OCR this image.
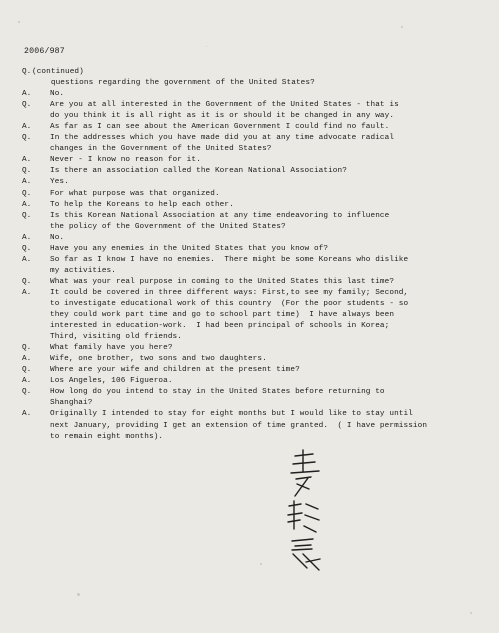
2006/987
Q. (continued)
questions regarding the government of the United States?
A.	No.
Q.	Are you at all interested in the Government of the United States - that is
do you think it is all right as it is or should it be changed in any way.
A.	As far as I can see about the American Government I could find no fault.
Q.	In the addresses which you have made did you at any time advocate radical
changes in the Government of the United States?
A.	Never - I know no reason for it.
Q.	Is there an association called the Korean National Association?
A.	Yes.
Q.	For what purpose was that organized.
A.	To help the Koreans to help each other.
Q.	Is this Korean National Association at any time endeavoring to influence
the policy of the Government of the United States?
A.	No.
Q.	Have you any enemies in the United States that you know of?
A.	So far as I know I have no enemies.  There might be some Koreans who dislike
my activities.
Q.	What was your real purpose in coming to the United States this last time?
A.	It could be covered in three different ways: First,to see my family; Second,
to investigate educational work of this country  (For the poor students - so
they could work part time and go to school part time)  I have always been
interested in education-work.  I had been principal of schools in Korea;
Third, visiting old friends.
Q.	What family have you here?
A.	Wife, one brother, two sons and two daughters.
Q.	Where are your wife and children at the present time?
A.	Los Angeles, 106 Figueroa.
Q.	How long do you intend to stay in the United States before returning to
Shanghai?
A.	Originally I intended to stay for eight months but I would like to stay until
next January, providing I get an extension of time granted.  ( I have permission
to remain eight months).
